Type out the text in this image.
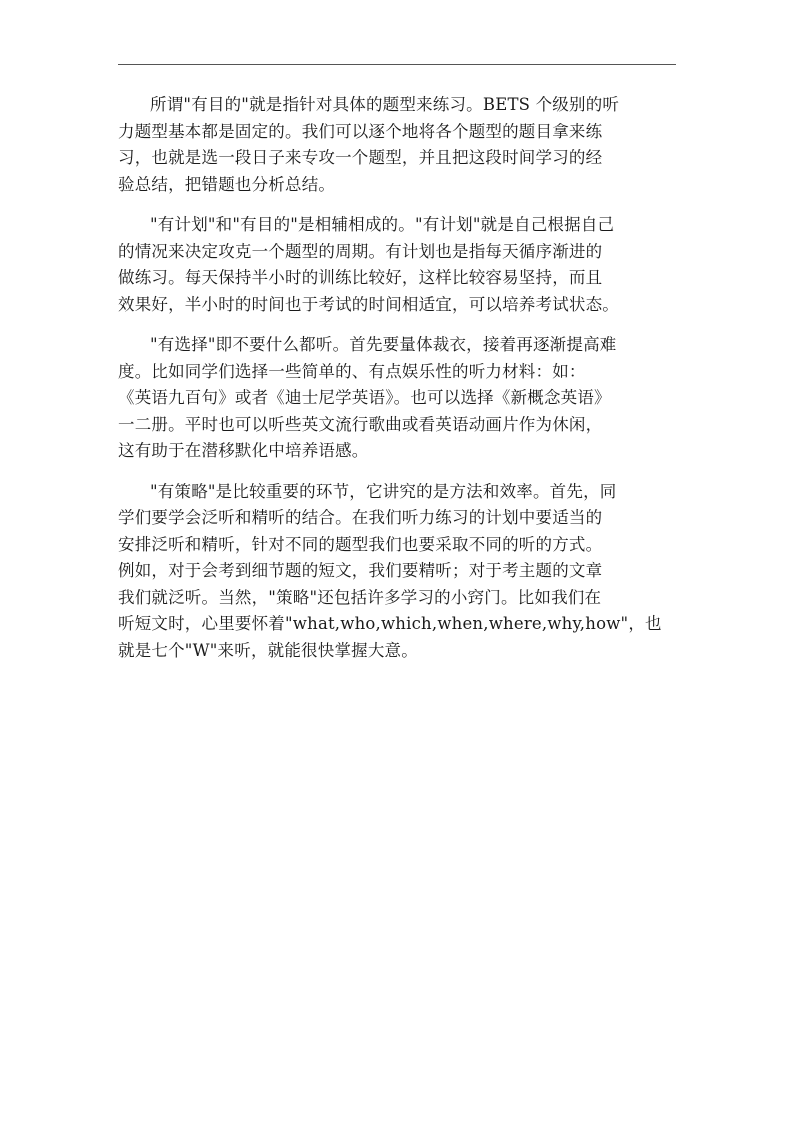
所谓"有目的"就是指针对具体的题型来练习。BETS 个级别的听
力题型基本都是固定的。我们可以逐个地将各个题型的题目拿来练
习，也就是选一段日子来专攻一个题型，并且把这段时间学习的经
验总结，把错题也分析总结。
"有计划"和"有目的"是相辅相成的。"有计划"就是自己根据自己
的情况来决定攻克一个题型的周期。有计划也是指每天循序渐进的
做练习。每天保持半小时的训练比较好，这样比较容易坚持，而且
效果好，半小时的时间也于考试的时间相适宜，可以培养考试状态。
"有选择"即不要什么都听。首先要量体裁衣，接着再逐渐提高难
度。比如同学们选择一些简单的、有点娱乐性的听力材料：如：
《英语九百句》或者《迪士尼学英语》。也可以选择《新概念英语》
一二册。平时也可以听些英文流行歌曲或看英语动画片作为休闲，
这有助于在潜移默化中培养语感。
"有策略"是比较重要的环节，它讲究的是方法和效率。首先，同
学们要学会泛听和精听的结合。在我们听力练习的计划中要适当的
安排泛听和精听，针对不同的题型我们也要采取不同的听的方式。
例如，对于会考到细节题的短文，我们要精听；对于考主题的文章
我们就泛听。当然，"策略"还包括许多学习的小窍门。比如我们在
听短文时，心里要怀着"what,who,which,when,where,why,how"，也
就是七个"W"来听，就能很快掌握大意。
